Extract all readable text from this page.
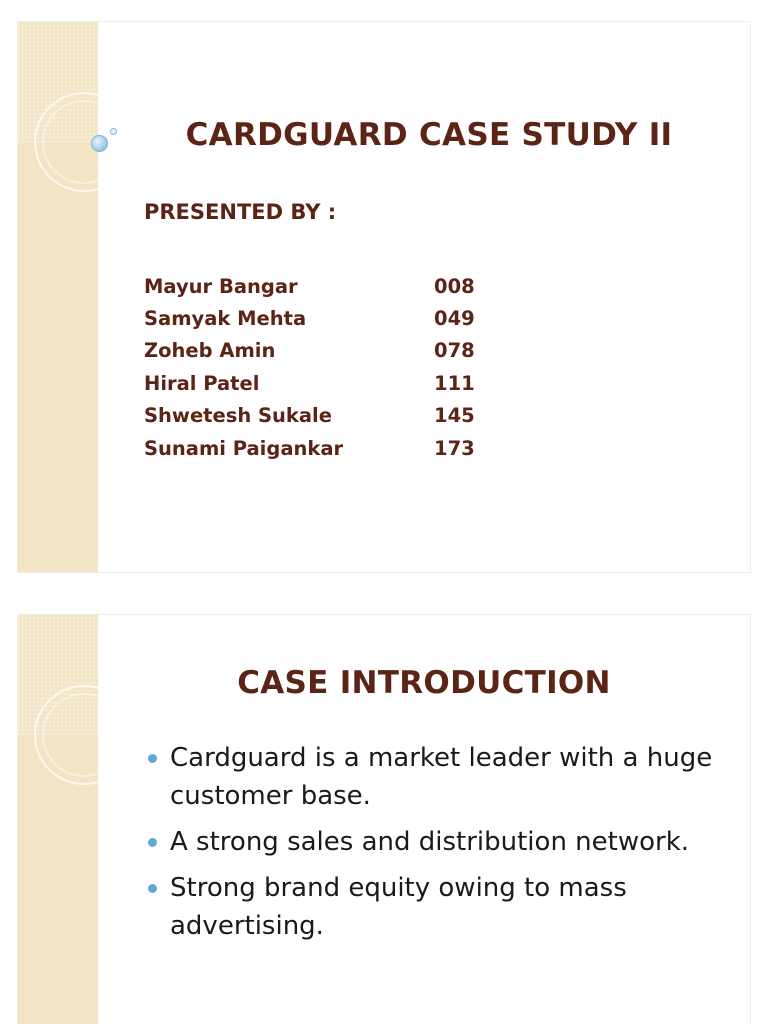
CARDGUARD CASE STUDY II

PRESENTED BY :

Mayur Bangar	008
Samyak Mehta	049
Zoheb Amin	078
Hiral Patel	111
Shwetesh Sukale	145
Sunami Paigankar	173
CASE INTRODUCTION
Cardguard is a market leader with a huge customer base.
A strong sales and distribution network.
Strong brand equity owing to mass advertising.
